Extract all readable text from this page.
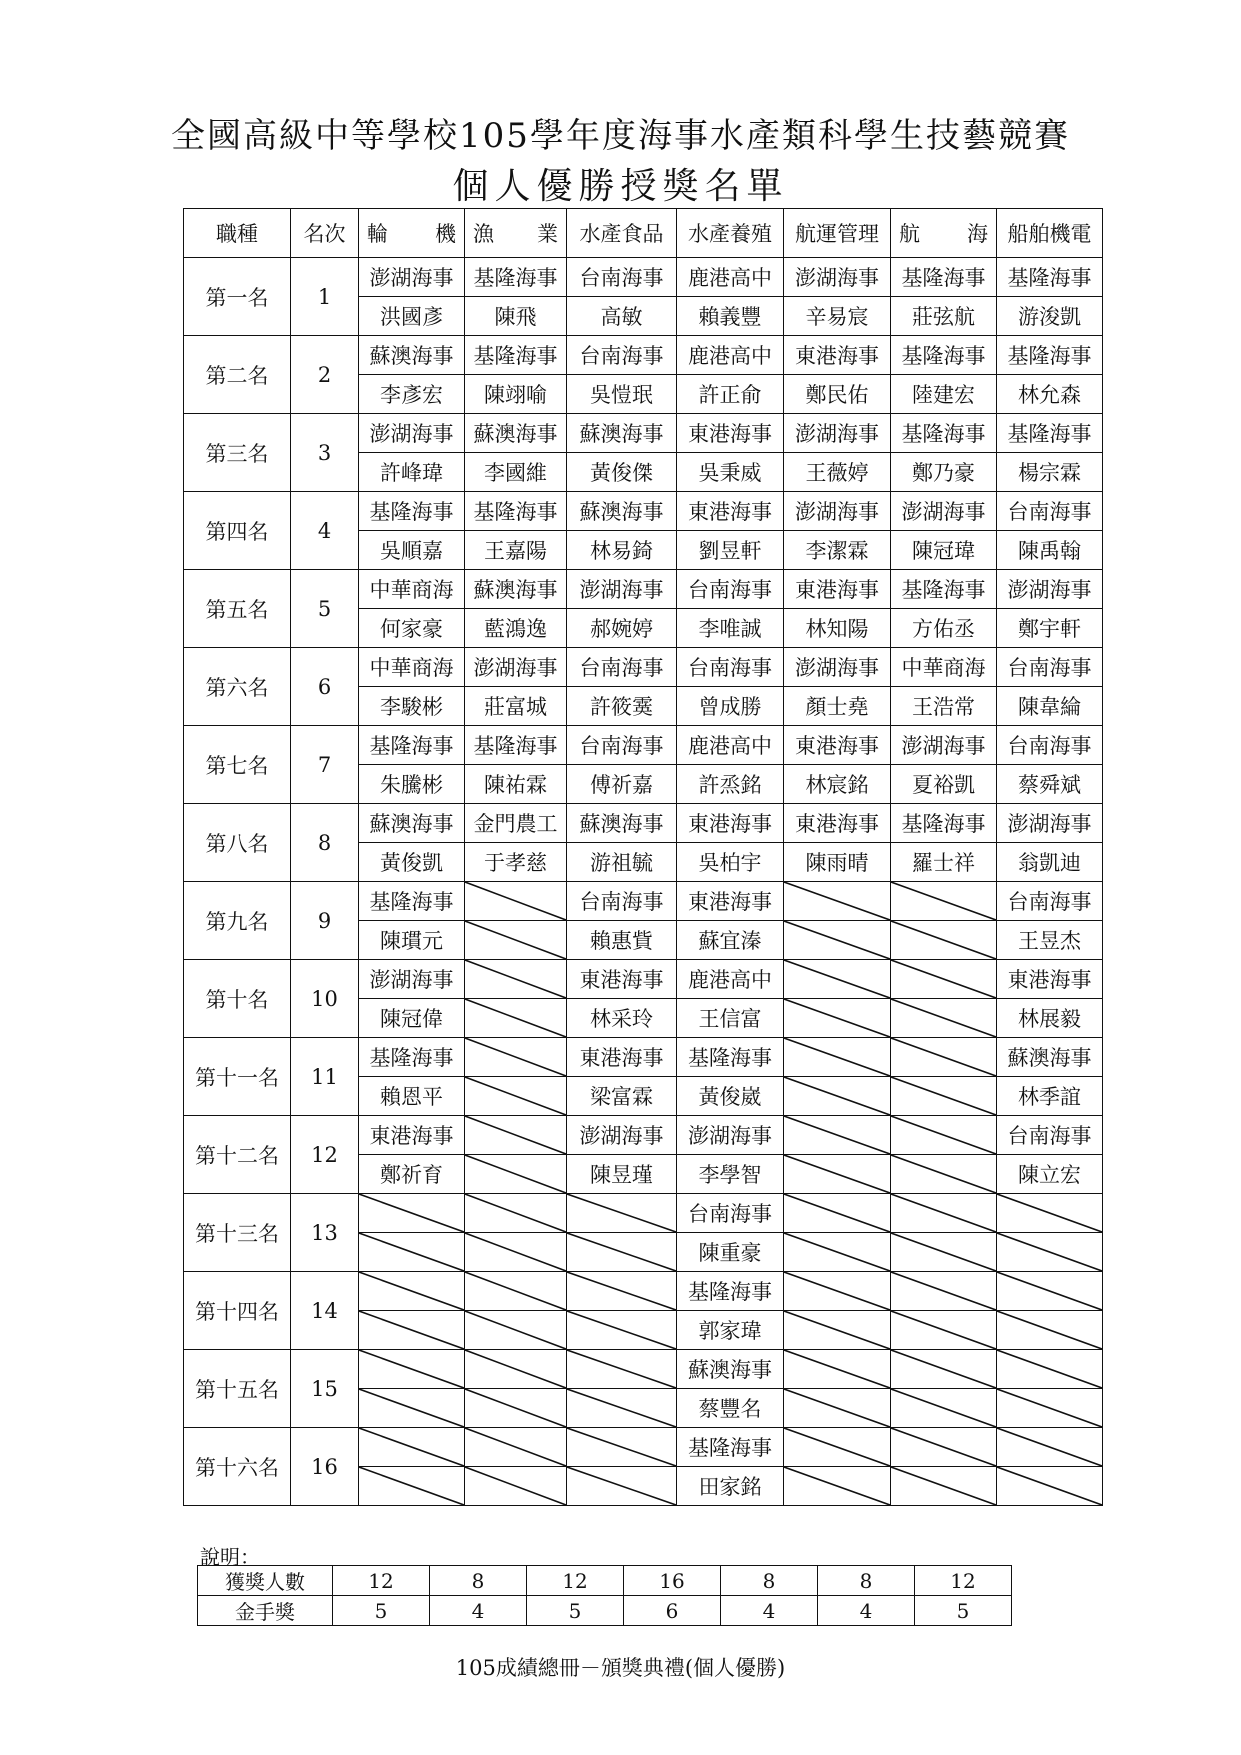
全國高級中等學校105學年度海事水產類科學生技藝競賽
個人優勝授獎名單
職種	名次	輪 機	漁 業	水產食品	水產養殖	航運管理	航 海	船舶機電
第一名	1	澎湖海事	基隆海事	台南海事	鹿港高中	澎湖海事	基隆海事	基隆海事
		洪國彥	陳飛	高敏	賴義豐	辛易宸	莊弦航	游浚凱
第二名	2	蘇澳海事	基隆海事	台南海事	鹿港高中	東港海事	基隆海事	基隆海事
		李彥宏	陳翊喻	吳愷珉	許正俞	鄭民佑	陸建宏	林允森
第三名	3	澎湖海事	蘇澳海事	蘇澳海事	東港海事	澎湖海事	基隆海事	基隆海事
		許峰瑋	李國維	黃俊傑	吳秉威	王薇婷	鄭乃豪	楊宗霖
第四名	4	基隆海事	基隆海事	蘇澳海事	東港海事	澎湖海事	澎湖海事	台南海事
		吳順嘉	王嘉陽	林易錡	劉昱軒	李潔霖	陳冠瑋	陳禹翰
第五名	5	中華商海	蘇澳海事	澎湖海事	台南海事	東港海事	基隆海事	澎湖海事
		何家豪	藍鴻逸	郝婉婷	李唯誠	林知陽	方佑丞	鄭宇軒
第六名	6	中華商海	澎湖海事	台南海事	台南海事	澎湖海事	中華商海	台南海事
		李駿彬	莊富城	許筱霙	曾成勝	顏士堯	王浩常	陳韋綸
第七名	7	基隆海事	基隆海事	台南海事	鹿港高中	東港海事	澎湖海事	台南海事
		朱騰彬	陳祐霖	傅祈嘉	許烝銘	林宸銘	夏裕凱	蔡舜斌
第八名	8	蘇澳海事	金門農工	蘇澳海事	東港海事	東港海事	基隆海事	澎湖海事
		黃俊凱	于孝慈	游祖毓	吳柏宇	陳雨晴	羅士祥	翁凱迪
第九名	9	基隆海事		台南海事	東港海事			台南海事
		陳瑻元		賴惠貲	蘇宜溱			王昱杰
第十名	10	澎湖海事		東港海事	鹿港高中			東港海事
		陳冠偉		林采玲	王信富			林展毅
第十一名	11	基隆海事		東港海事	基隆海事			蘇澳海事
		賴恩平		梁富霖	黃俊崴			林季誼
第十二名	12	東港海事		澎湖海事	澎湖海事			台南海事
		鄭祈育		陳昱瑾	李學智			陳立宏
第十三名	13				台南海事			
					陳重豪			
第十四名	14				基隆海事			
					郭家瑋			
第十五名	15				蘇澳海事			
					蔡豐名			
第十六名	16				基隆海事			
					田家銘			
說明：
獲獎人數	12	8	12	16	8	8	12
金手獎	5	4	5	6	4	4	5
105成績總冊－頒獎典禮(個人優勝)
